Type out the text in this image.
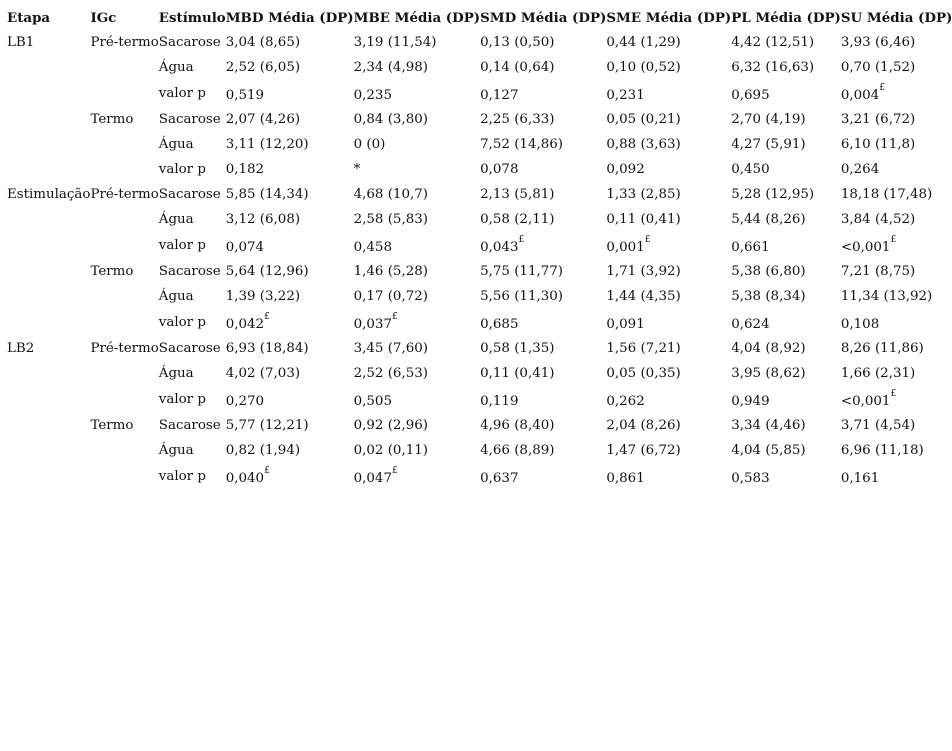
Etapa	IGc	Estímulo	MBD Média (DP)	MBE Média (DP)	SMD Média (DP)	SME Média (DP)	PL Média (DP)	SU Média (DP)
LB1	Pré-termo	Sacarose	3,04 (8,65)	3,19 (11,54)	0,13 (0,50)	0,44 (1,29)	4,42 (12,51)	3,93 (6,46)
		Água	2,52 (6,05)	2,34 (4,98)	0,14 (0,64)	0,10 (0,52)	6,32 (16,63)	0,70 (1,52)
		valor p	0,519	0,235	0,127	0,231	0,695	0,004£
	Termo	Sacarose	2,07 (4,26)	0,84 (3,80)	2,25 (6,33)	0,05 (0,21)	2,70 (4,19)	3,21 (6,72)
		Água	3,11 (12,20)	0 (0)	7,52 (14,86)	0,88 (3,63)	4,27 (5,91)	6,10 (11,8)
		valor p	0,182	*	0,078	0,092	0,450	0,264
Estimulação	Pré-termo	Sacarose	5,85 (14,34)	4,68 (10,7)	2,13 (5,81)	1,33 (2,85)	5,28 (12,95)	18,18 (17,48)
		Água	3,12 (6,08)	2,58 (5,83)	0,58 (2,11)	0,11 (0,41)	5,44 (8,26)	3,84 (4,52)
		valor p	0,074	0,458	0,043£	0,001£	0,661	<0,001£
	Termo	Sacarose	5,64 (12,96)	1,46 (5,28)	5,75 (11,77)	1,71 (3,92)	5,38 (6,80)	7,21 (8,75)
		Água	1,39 (3,22)	0,17 (0,72)	5,56 (11,30)	1,44 (4,35)	5,38 (8,34)	11,34 (13,92)
		valor p	0,042£	0,037£	0,685	0,091	0,624	0,108
LB2	Pré-termo	Sacarose	6,93 (18,84)	3,45 (7,60)	0,58 (1,35)	1,56 (7,21)	4,04 (8,92)	8,26 (11,86)
		Água	4,02 (7,03)	2,52 (6,53)	0,11 (0,41)	0,05 (0,35)	3,95 (8,62)	1,66 (2,31)
		valor p	0,270	0,505	0,119	0,262	0,949	<0,001£
	Termo	Sacarose	5,77 (12,21)	0,92 (2,96)	4,96 (8,40)	2,04 (8,26)	3,34 (4,46)	3,71 (4,54)
		Água	0,82 (1,94)	0,02 (0,11)	4,66 (8,89)	1,47 (6,72)	4,04 (5,85)	6,96 (11,18)
		valor p	0,040£	0,047£	0,637	0,861	0,583	0,161
